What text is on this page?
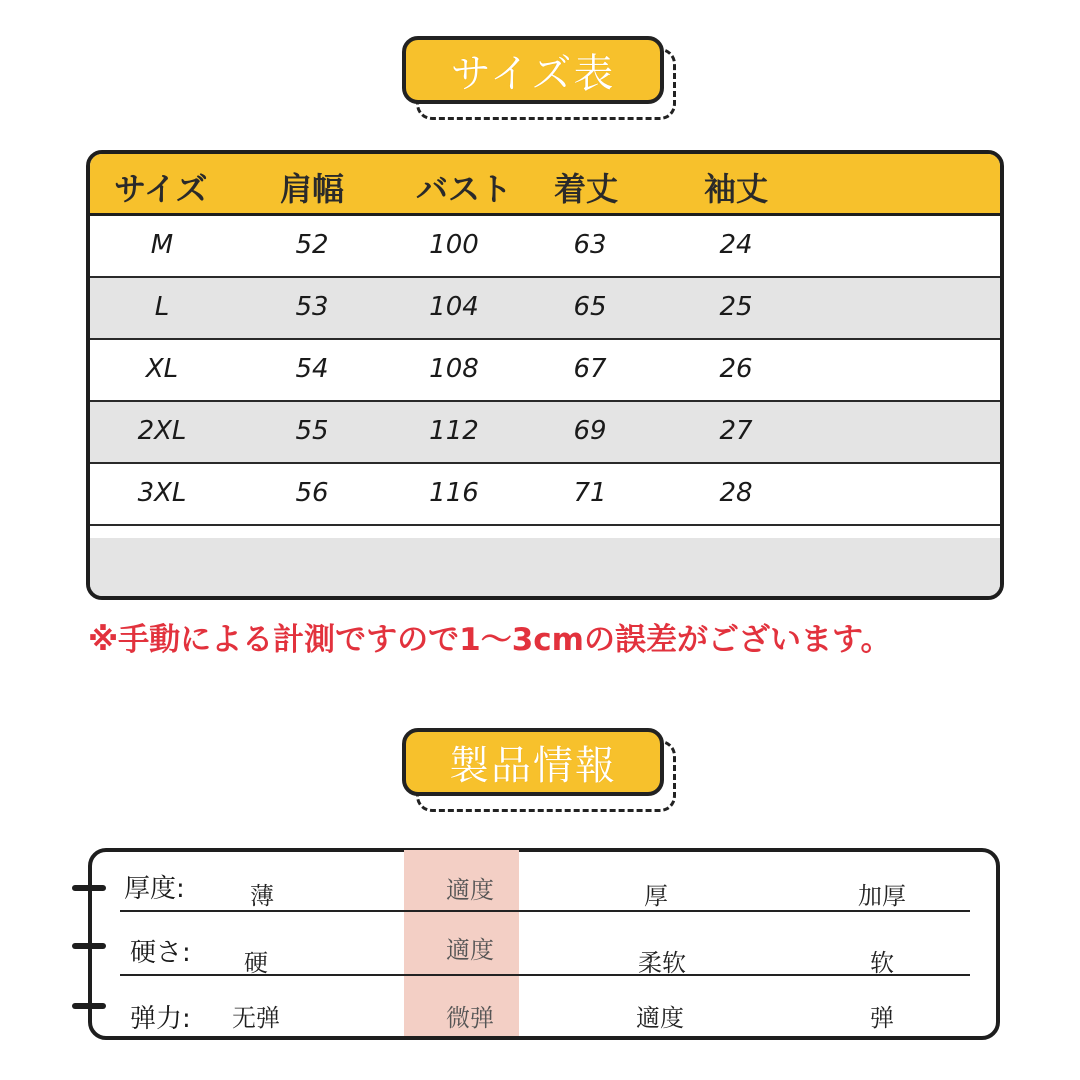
サイズ表
サイズ 肩幅 バスト 着丈	袖丈
M	52	100	63	24
L	53	104	65	25
XL	54	108	67	26
2XL	55	112	69	27
3XL	56	116	71	28
※手動による計測ですので1〜3cmの誤差がございます。
製品情報
厚度:	薄	適度	厚	加厚
硬さ: 硬	適度	柔软	软
弹力: 无弹	微弹	適度	弹
